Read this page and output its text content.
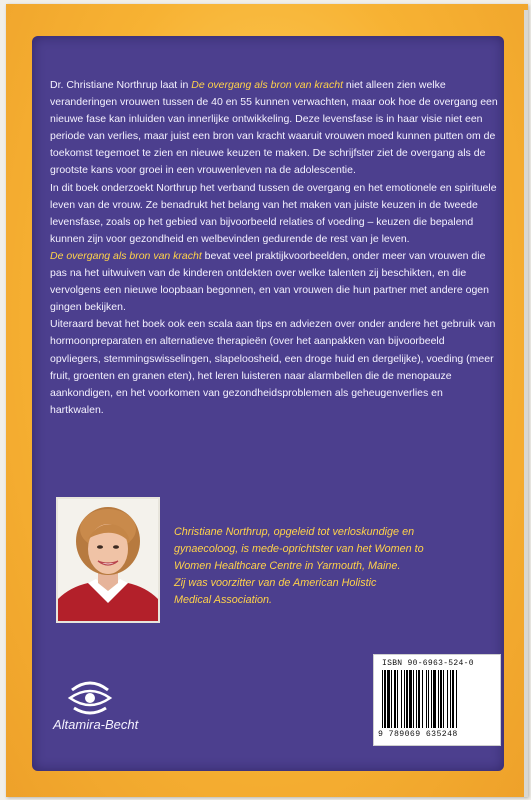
Dr. Christiane Northrup laat in De overgang als bron van kracht niet alleen zien welke veranderingen vrouwen tussen de 40 en 55 kunnen verwachten, maar ook hoe de overgang een nieuwe fase kan inluiden van innerlijke ontwikkeling. Deze levensfase is in haar visie niet een periode van verlies, maar juist een bron van kracht waaruit vrouwen moed kunnen putten om de toekomst tegemoet te zien en nieuwe keuzen te maken. De schrijfster ziet de overgang als de grootste kans voor groei in een vrouwenleven na de adolescentie.

In dit boek onderzoekt Northrup het verband tussen de overgang en het emotionele en spirituele leven van de vrouw. Ze benadrukt het belang van het maken van juiste keuzen in de tweede levensfase, zoals op het gebied van bijvoorbeeld relaties of voeding – keuzen die bepalend kunnen zijn voor gezondheid en welbevinden gedurende de rest van je leven.

De overgang als bron van kracht bevat veel praktijkvoorbeelden, onder meer van vrouwen die pas na het uitwuiven van de kinderen ontdekten over welke talenten zij beschikten, en die vervolgens een nieuwe loopbaan begonnen, en van vrouwen die hun partner met andere ogen gingen bekijken.

Uiteraard bevat het boek ook een scala aan tips en adviezen over onder andere het gebruik van hormoonpreparaten en alternatieve therapieën (over het aanpakken van bijvoorbeeld opvliegers, stemmingswisselingen, slapeloosheid, een droge huid en dergelijke), voeding (meer fruit, groenten en granen eten), het leren luisteren naar alarmbellen die de menopauze aankondigen, en het voorkomen van gezondheidsproblemen als geheugenverlies en hartkwalen.

Christiane Northrup, opgeleid tot verloskundige en
gynaecoloog, is mede-oprichtster van het Women to
Women Healthcare Centre in Yarmouth, Maine.
Zij was voorzitter van de American Holistic
Medical Association.
Altamira-Becht
ISBN 90-6963-524-0
9 789069 635248
